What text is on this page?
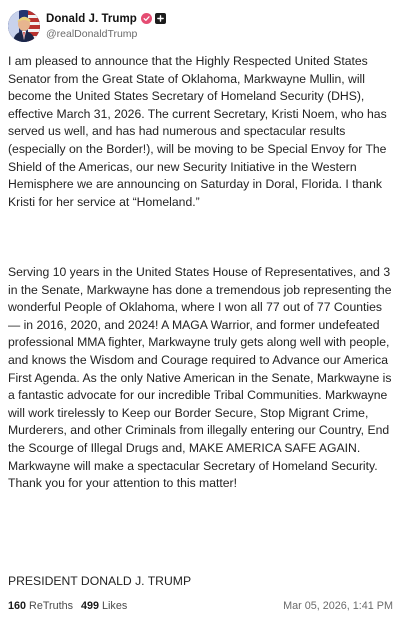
Donald J. Trump
@realDonaldTrump

I am pleased to announce that the Highly Respected United States Senator from the Great State of Oklahoma, Markwayne Mullin, will become the United States Secretary of Homeland Security (DHS), effective March 31, 2026. The current Secretary, Kristi Noem, who has served us well, and has had numerous and spectacular results (especially on the Border!), will be moving to be Special Envoy for The Shield of the Americas, our new Security Initiative in the Western Hemisphere we are announcing on Saturday in Doral, Florida. I thank Kristi for her service at “Homeland.”

Serving 10 years in the United States House of Representatives, and 3 in the Senate, Markwayne has done a tremendous job representing the wonderful People of Oklahoma, where I won all 77 out of 77 Counties — in 2016, 2020, and 2024! A MAGA Warrior, and former undefeated professional MMA fighter, Markwayne truly gets along well with people, and knows the Wisdom and Courage required to Advance our America First Agenda. As the only Native American in the Senate, Markwayne is a fantastic advocate for our incredible Tribal Communities. Markwayne will work tirelessly to Keep our Border Secure, Stop Migrant Crime, Murderers, and other Criminals from illegally entering our Country, End the Scourge of Illegal Drugs and, MAKE AMERICA SAFE AGAIN. Markwayne will make a spectacular Secretary of Homeland Security. Thank you for your attention to this matter!

PRESIDENT DONALD J. TRUMP

160 ReTruths 499 Likes	Mar 05, 2026, 1:41 PM
